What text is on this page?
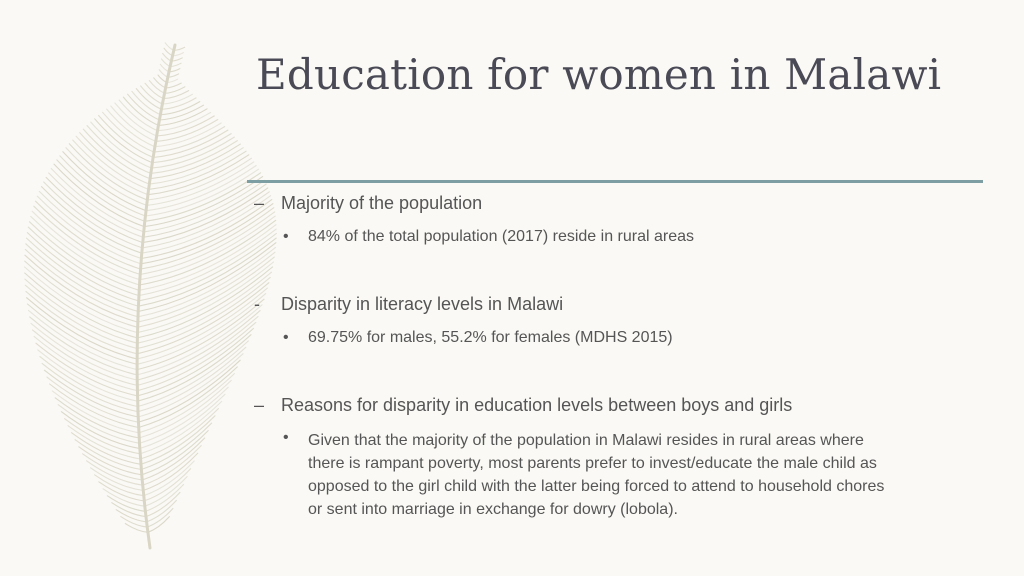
Education for women in Malawi
– Majority of the population
• 84% of the total population (2017) reside in rural areas
- Disparity in literacy levels in Malawi
• 69.75% for males, 55.2% for females (MDHS 2015)
– Reasons for disparity in education levels between boys and girls
• Given that the majority of the population in Malawi resides in rural areas where
there is rampant poverty, most parents prefer to invest/educate the male child as
opposed to the girl child with the latter being forced to attend to household chores
or sent into marriage in exchange for dowry (lobola).
